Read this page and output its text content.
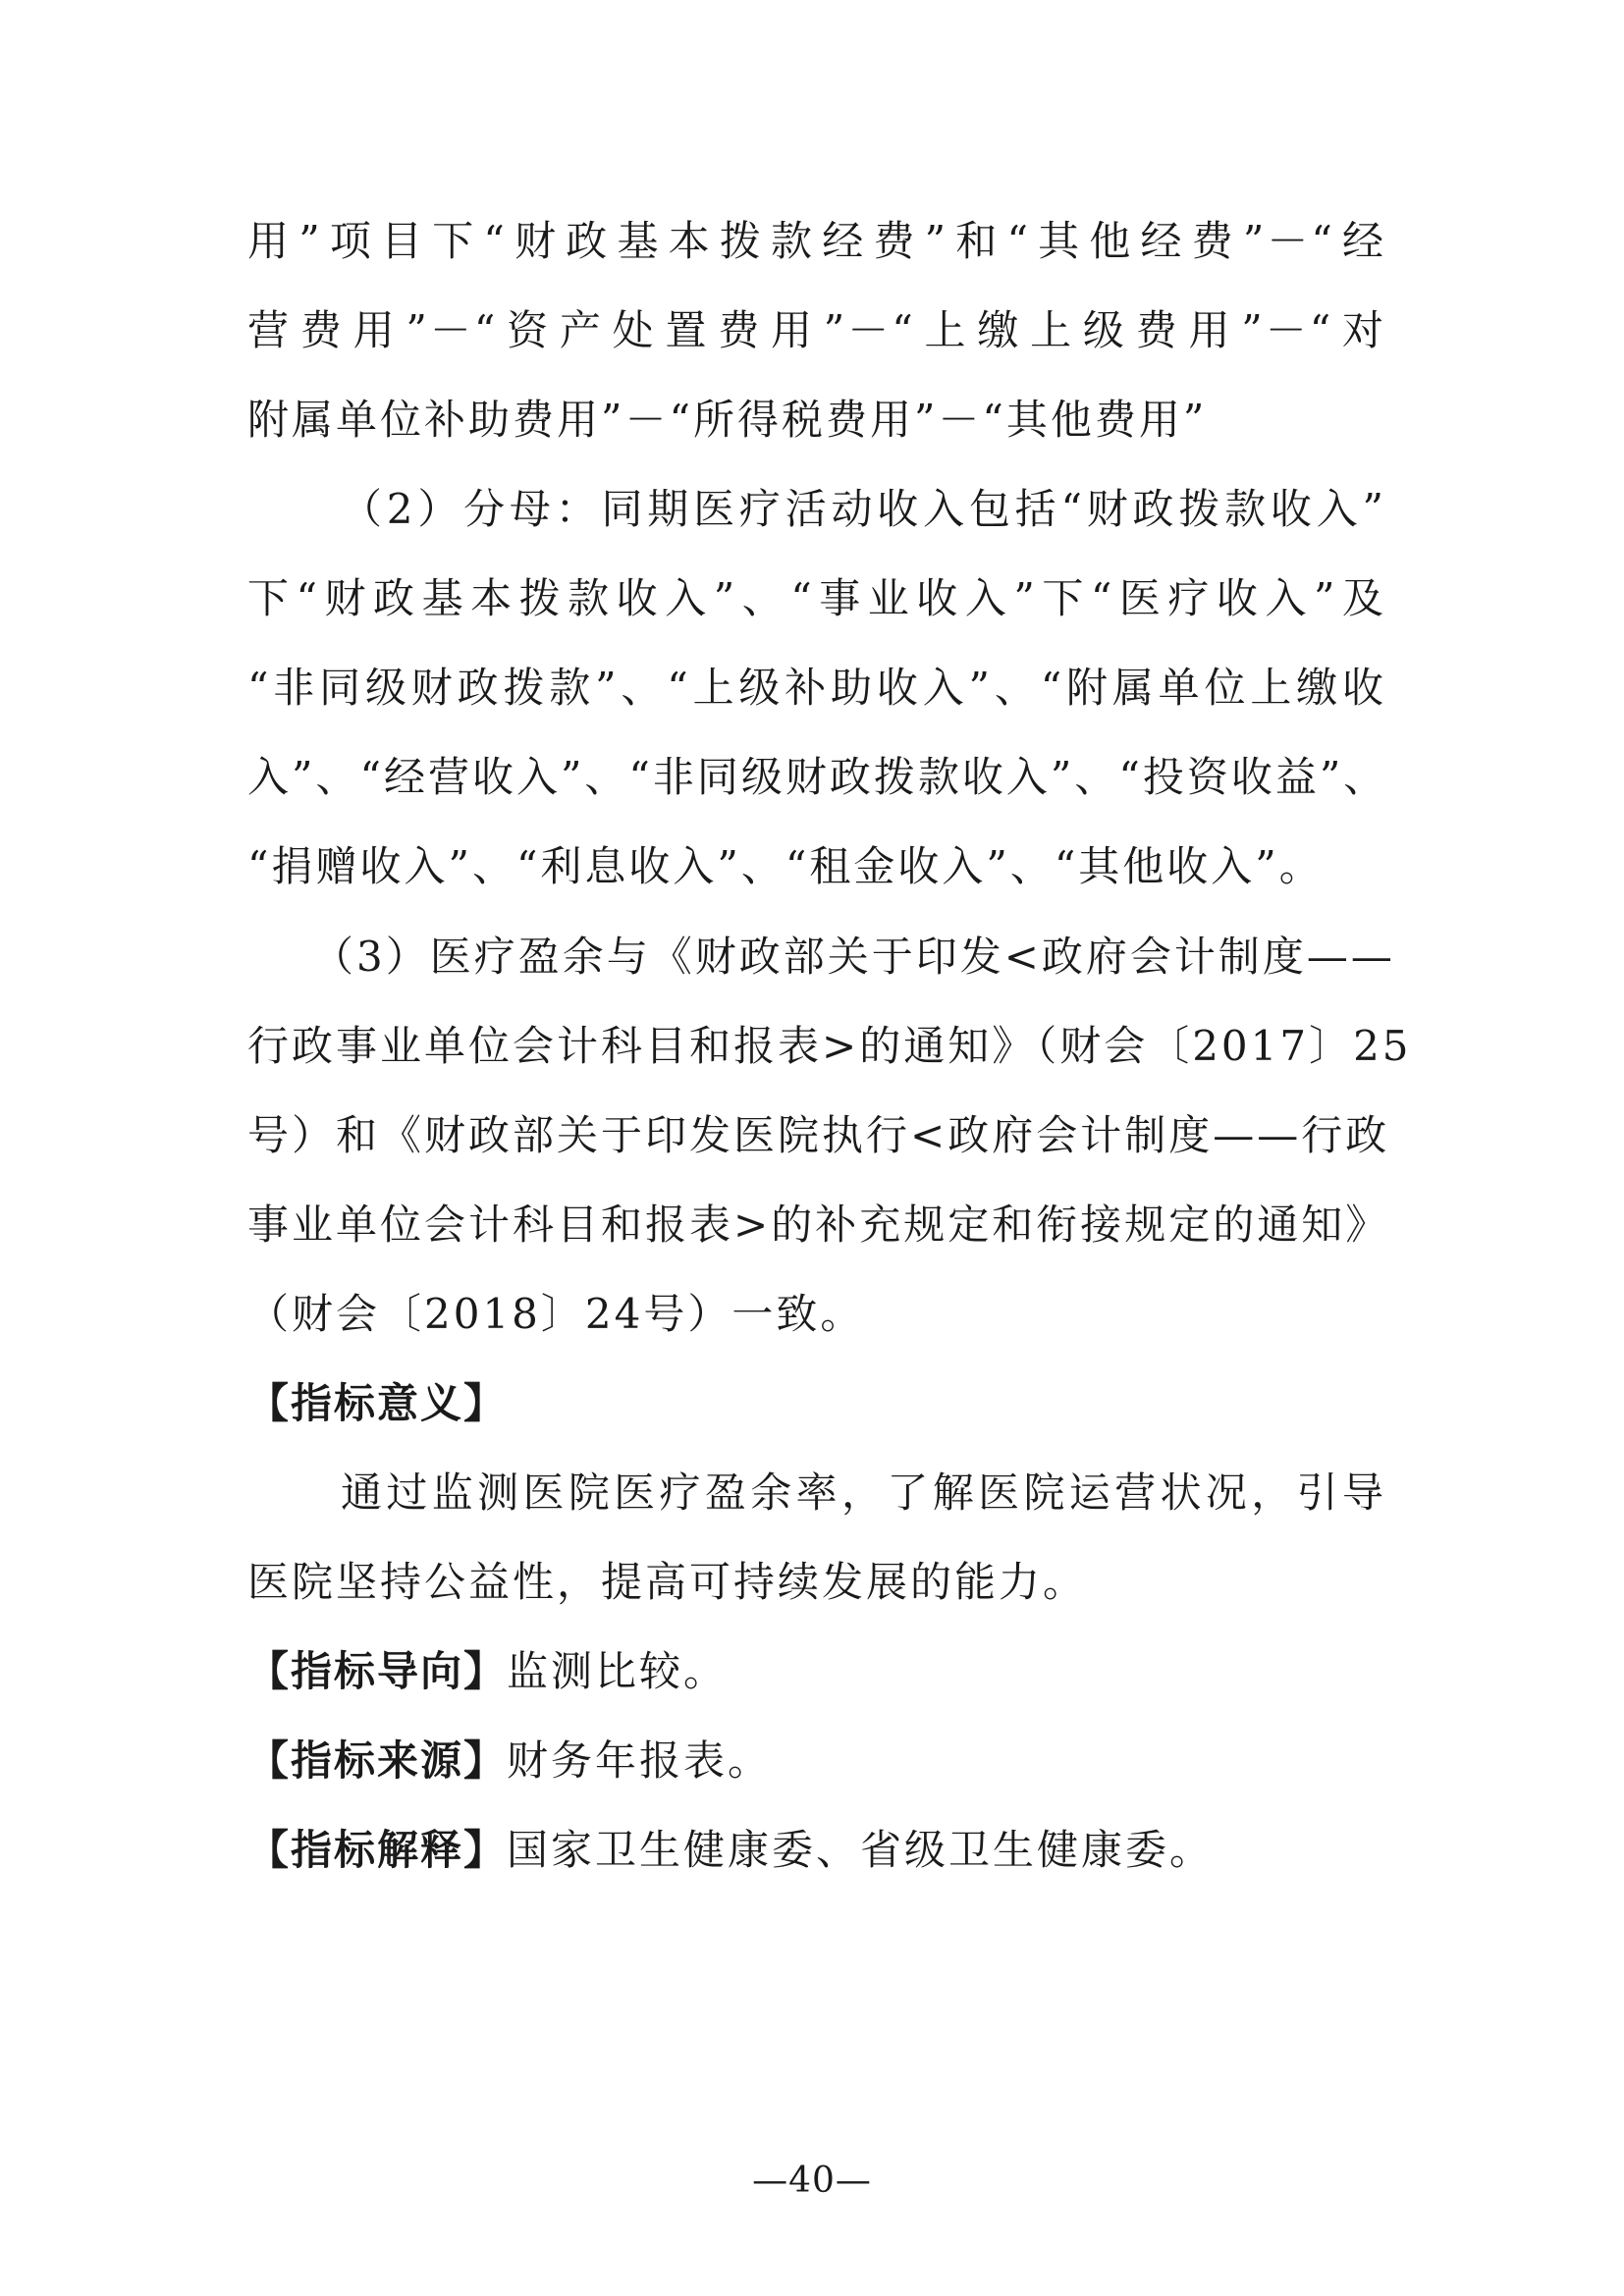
用”项目下“财政基本拨款经费”和“其他经费”－“经
营费用”－“资产处置费用”－“上缴上级费用”－“对
附属单位补助费用”－“所得税费用”－“其他费用”
（2）分母：同期医疗活动收入包括“财政拨款收入”
下“财政基本拨款收入”、“事业收入”下“医疗收入”及
“非同级财政拨款”、“上级补助收入”、“附属单位上缴收
入”、“经营收入”、“非同级财政拨款收入”、“投资收益”、
“捐赠收入”、“利息收入”、“租金收入”、“其他收入”。
（3）医疗盈余与《财政部关于印发<政府会计制度——
行政事业单位会计科目和报表>的通知》（财会〔2017〕25
号）和《财政部关于印发医院执行<政府会计制度——行政
事业单位会计科目和报表>的补充规定和衔接规定的通知》
（财会〔2018〕24号）一致。
【指标意义】
通过监测医院医疗盈余率，了解医院运营状况，引导
医院坚持公益性，提高可持续发展的能力。
【指标导向】监测比较。
【指标来源】财务年报表。
【指标解释】国家卫生健康委、省级卫生健康委。
—40—
